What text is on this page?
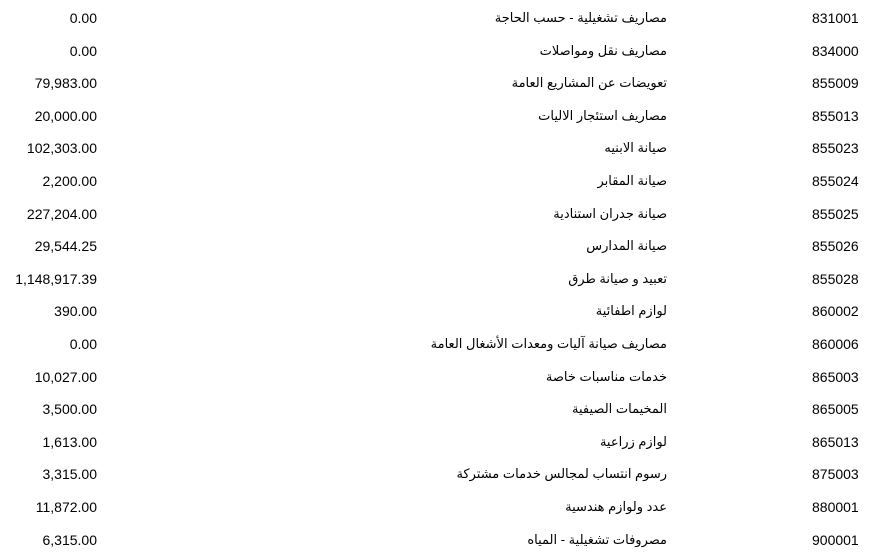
0.00	مصاريف تشغيلية - حسب الحاجة	831001
0.00	مصاريف نقل ومواصلات	834000
79,983.00	تعويضات عن المشاريع العامة	855009
20,000.00	مصاريف استئجار الاليات	855013
102,303.00	صيانة الابنيه	855023
2,200.00	صيانة المقابر	855024
227,204.00	صيانة جدران استنادية	855025
29,544.25	صيانة المدارس	855026
1,148,917.39	تعبيد و صيانة طرق	855028
390.00	لوازم اطفائية	860002
0.00	مصاريف صيانة آليات ومعدات الأشغال العامة	860006
10,027.00	خدمات مناسبات خاصة	865003
3,500.00	المخيمات الصيفية	865005
1,613.00	لوازم زراعية	865013
3,315.00	رسوم انتساب لمجالس خدمات مشتركة	875003
11,872.00	عدد ولوازم هندسية	880001
6,315.00	مصروفات تشغيلية - المياه	900001
